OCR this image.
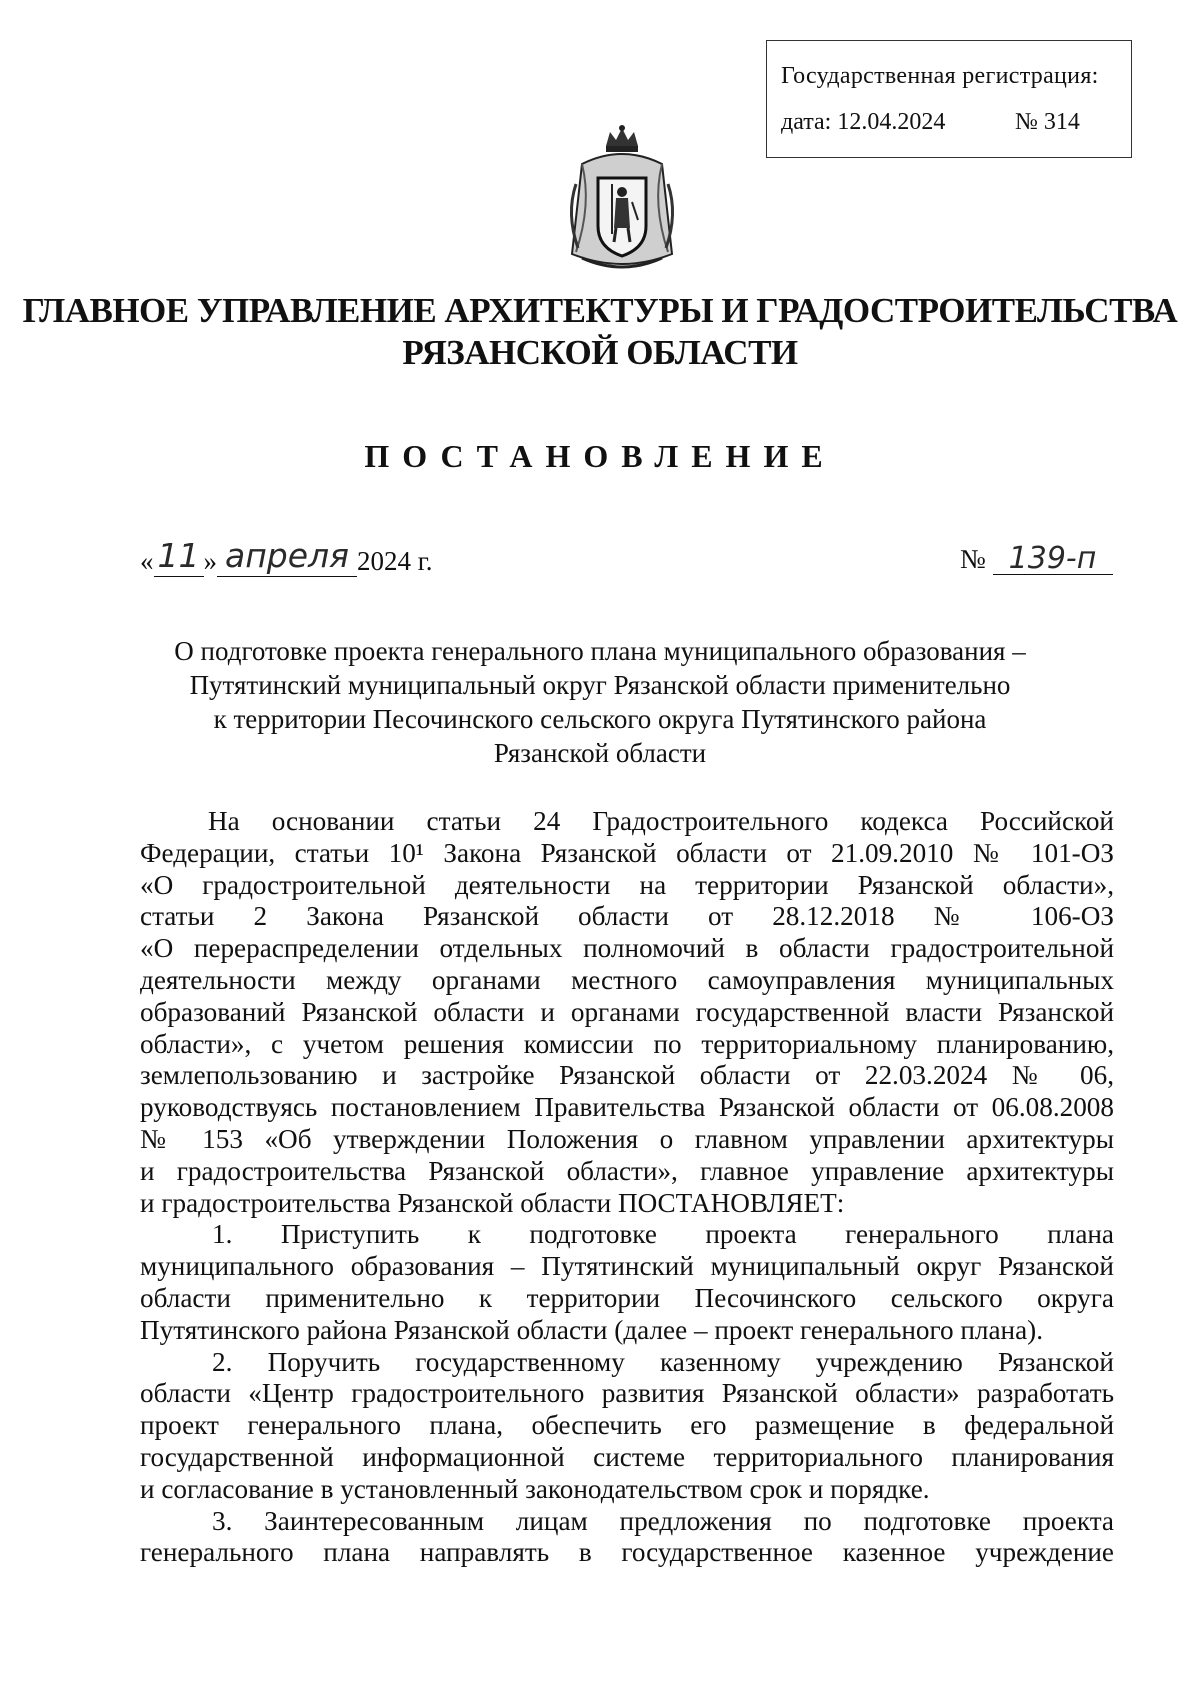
Государственная регистрация:
дата: 12.04.2024	№ 314
ГЛАВНОЕ УПРАВЛЕНИЕ АРХИТЕКТУРЫ И ГРАДОСТРОИТЕЛЬСТВА
РЯЗАНСКОЙ ОБЛАСТИ
ПОСТАНОВЛЕНИЕ
« 11 » апреля 2024 г.	№ 139-п
О подготовке проекта генерального плана муниципального образования –
Путятинский муниципальный округ Рязанской области применительно
к территории Песочинского сельского округа Путятинского района
Рязанской области
На основании статьи 24 Градостроительного кодекса Российской
Федерации, статьи 10¹ Закона Рязанской области от 21.09.2010 № 101-ОЗ
«О градостроительной деятельности на территории Рязанской области»,
статьи 2 Закона Рязанской области от 28.12.2018 № 106-ОЗ
«О перераспределении отдельных полномочий в области градостроительной
деятельности между органами местного самоуправления муниципальных
образований Рязанской области и органами государственной власти Рязанской
области», с учетом решения комиссии по территориальному планированию,
землепользованию и застройке Рязанской области от 22.03.2024 № 06,
руководствуясь постановлением Правительства Рязанской области от 06.08.2008
№ 153 «Об утверждении Положения о главном управлении архитектуры
и градостроительства Рязанской области», главное управление архитектуры
и градостроительства Рязанской области ПОСТАНОВЛЯЕТ:
1. Приступить к подготовке проекта генерального плана
муниципального образования – Путятинский муниципальный округ Рязанской
области применительно к территории Песочинского сельского округа
Путятинского района Рязанской области (далее – проект генерального плана).
2. Поручить государственному казенному учреждению Рязанской
области «Центр градостроительного развития Рязанской области» разработать
проект генерального плана, обеспечить его размещение в федеральной
государственной информационной системе территориального планирования
и согласование в установленный законодательством срок и порядке.
3. Заинтересованным лицам предложения по подготовке проекта
генерального плана направлять в государственное казенное учреждение
